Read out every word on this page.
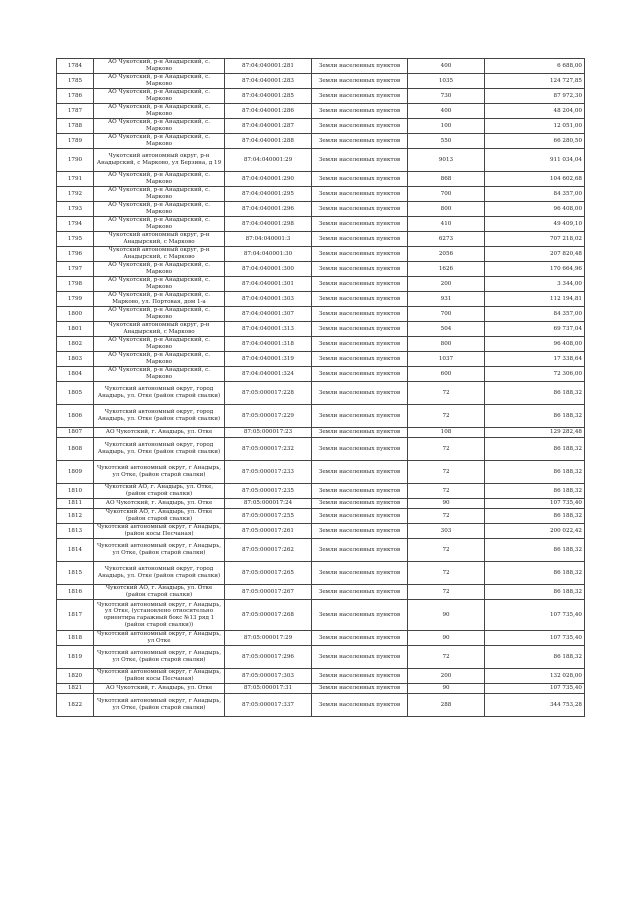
1784	АО Чукотский, р-н Анадырский, с. Марково	87:04:040001:281	Земли населенных пунктов	400	6 688,00
1785	АО Чукотский, р-н Анадырский, с. Марково	87:04:040001:283	Земли населенных пунктов	1035	124 727,85
1786	АО Чукотский, р-н Анадырский, с. Марково	87:04:040001:285	Земли населенных пунктов	730	87 972,30
1787	АО Чукотский, р-н Анадырский, с. Марково	87:04:040001:286	Земли населенных пунктов	400	48 204,00
1788	АО Чукотский, р-н Анадырский, с. Марково	87:04:040001:287	Земли населенных пунктов	100	12 051,00
1789	АО Чукотский, р-н Анадырский, с. Марково	87:04:040001:288	Земли населенных пунктов	550	66 280,50
1790	Чукотский автономный округ, р-н Анадырский, с Марково, ул Берзина, д 19	87:04:040001:29	Земли населенных пунктов	9013	911 034,04
1791	АО Чукотский, р-н Анадырский, с. Марково	87:04:040001:290	Земли населенных пунктов	868	104 602,68
1792	АО Чукотский, р-н Анадырский, с. Марково	87:04:040001:295	Земли населенных пунктов	700	84 357,00
1793	АО Чукотский, р-н Анадырский, с. Марково	87:04:040001:296	Земли населенных пунктов	800	96 408,00
1794	АО Чукотский, р-н Анадырский, с. Марково	87:04:040001:298	Земли населенных пунктов	410	49 409,10
1795	Чукотский автономный округ, р-н Анадырский, с Марково	87:04:040001:3	Земли населенных пунктов	6273	707 218,02
1796	Чукотский автономный округ, р-н Анадырский, с Марково	87:04:040001:30	Земли населенных пунктов	2056	207 820,48
1797	АО Чукотский, р-н Анадырский, с. Марково	87:04:040001:300	Земли населенных пунктов	1626	170 664,96
1798	АО Чукотский, р-н Анадырский, с. Марково	87:04:040001:301	Земли населенных пунктов	200	3 344,00
1799	АО Чукотский, р-н Анадырский, с. Марково, ул. Портовая, дом 1-а	87:04:040001:303	Земли населенных пунктов	931	112 194,81
1800	АО Чукотский, р-н Анадырский, с. Марково	87:04:040001:307	Земли населенных пунктов	700	84 357,00
1801	Чукотский автономный округ, р-н Анадырский, с Марково	87:04:040001:313	Земли населенных пунктов	504	69 737,04
1802	АО Чукотский, р-н Анадырский, с. Марково	87:04:040001:318	Земли населенных пунктов	800	96 408,00
1803	АО Чукотский, р-н Анадырский, с. Марково	87:04:040001:319	Земли населенных пунктов	1037	17 338,64
1804	АО Чукотский, р-н Анадырский, с. Марково	87:04:040001:324	Земли населенных пунктов	600	72 306,00
1805	Чукотский автономный округ, город Анадырь, ул. Отке (район старой свалки)	87:05:000017:228	Земли населенных пунктов	72	86 188,32
1806	Чукотский автономный округ, город Анадырь, ул. Отке (район старой свалки)	87:05:000017:229	Земли населенных пунктов	72	86 188,32
1807	АО Чукотский, г. Анадырь, ул. Отке	87:05:000017:23	Земли населенных пунктов	108	129 282,48
1808	Чукотский автономный округ, город Анадырь, ул. Отке (район старой свалки)	87:05:000017:232	Земли населенных пунктов	72	86 188,32
1809	Чукотский автономный округ, г Анадырь, ул Отке, (район старой свалки)	87:05:000017:233	Земли населенных пунктов	72	86 188,32
1810	Чукотский АО, г. Анадырь, ул. Отке, (район старой свалки)	87:05:000017:235	Земли населенных пунктов	72	86 188,32
1811	АО Чукотский, г. Анадырь, ул. Отке	87:05:000017:24	Земли населенных пунктов	90	107 735,40
1812	Чукотский АО, г. Анадырь, ул. Отке (район старой свалки)	87:05:000017:255	Земли населенных пунктов	72	86 188,32
1813	Чукотский автономный округ, г Анадырь, (район косы Песчаная)	87:05:000017:261	Земли населенных пунктов	303	200 022,42
1814	Чукотский автономный округ, г Анадырь, ул Отке, (район старой свалки)	87:05:000017:262	Земли населенных пунктов	72	86 188,32
1815	Чукотский автономный округ, город Анадырь, ул. Отке (район старой свалки)	87:05:000017:265	Земли населенных пунктов	72	86 188,32
1816	Чукотский АО, г. Анадырь, ул. Отке (район старой свалки)	87:05:000017:267	Земли населенных пунктов	72	86 188,32
1817	Чукотский автономный округ, г Анадырь, ул Отке, (установлено относительно ориентира гаражный бокс №13 ряд 1 (район старой свалки))	87:05:000017:268	Земли населенных пунктов	90	107 735,40
1818	Чукотский автономный округ, г Анадырь, ул Отке	87:05:000017:29	Земли населенных пунктов	90	107 735,40
1819	Чукотский автономный округ, г Анадырь, ул Отке, (район старой свалки)	87:05:000017:296	Земли населенных пунктов	72	86 188,32
1820	Чукотский автономный округ, г Анадырь, (район косы Песчаная)	87:05:000017:303	Земли населенных пунктов	200	132 028,00
1821	АО Чукотский, г. Анадырь, ул. Отке	87:05:000017:31	Земли населенных пунктов	90	107 735,40
1822	Чукотский автономный округ, г Анадырь, ул Отке, (район старой свалки)	87:05:000017:337	Земли населенных пунктов	288	344 753,28
